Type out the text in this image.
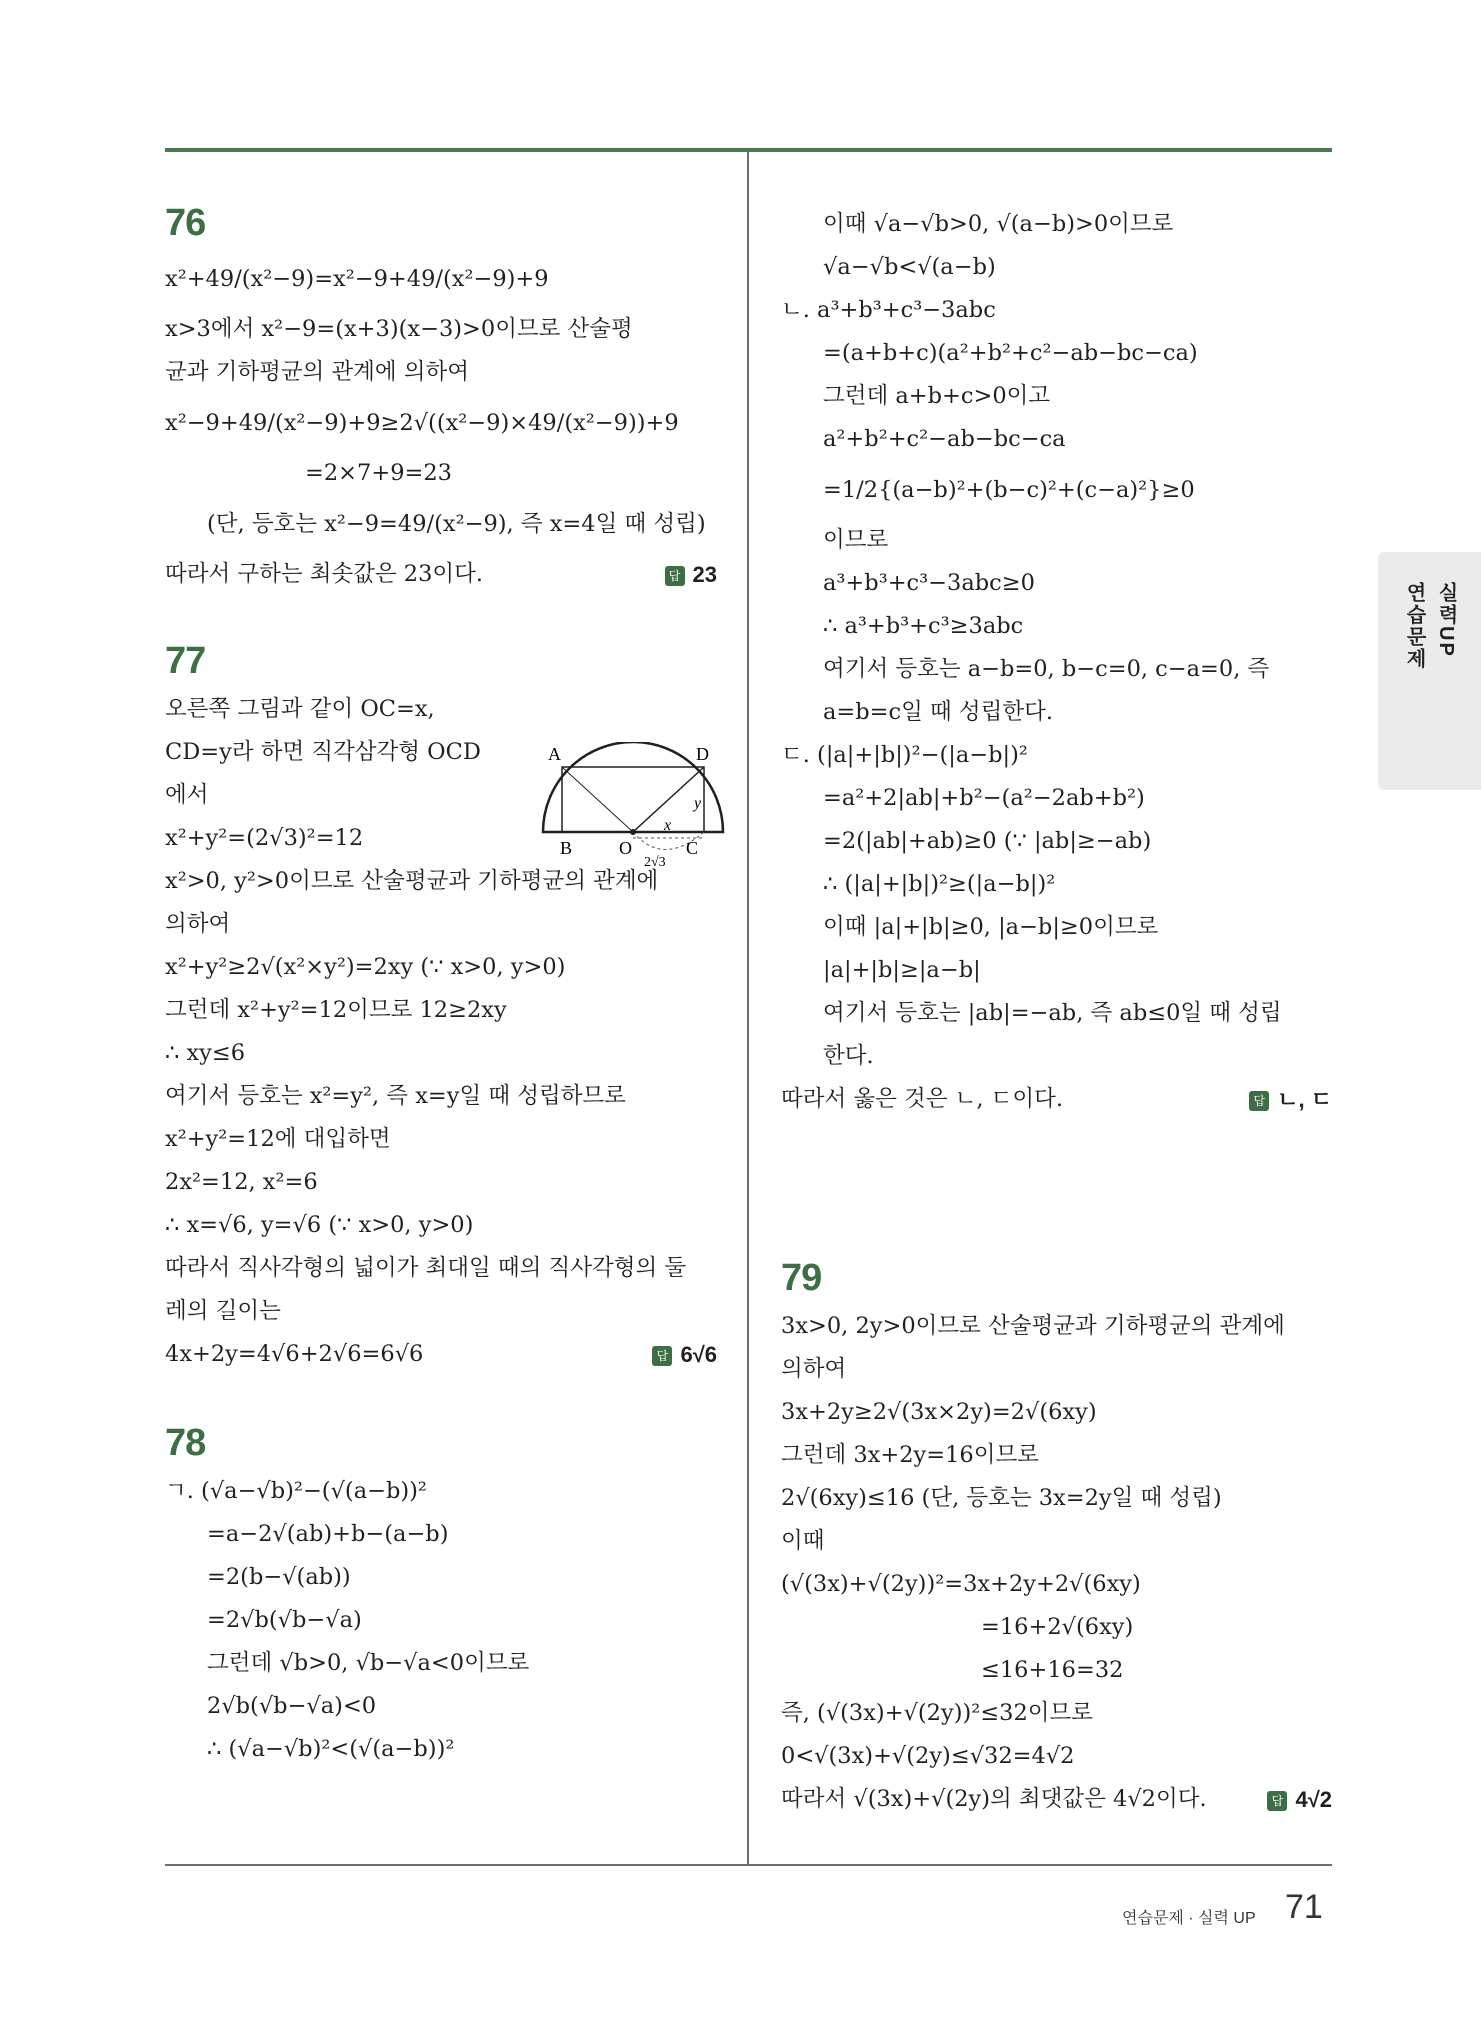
76
x²+49/(x²−9)=x²−9+49/(x²−9)+9
x>3에서 x²−9=(x+3)(x−3)>0이므로 산술평
균과 기하평균의 관계에 의하여
x²−9+49/(x²−9)+9≥2√((x²−9)×49/(x²−9))+9
=2×7+9=23
(단, 등호는 x²−9=49/(x²−9), 즉 x=4일 때 성립)
따라서 구하는 최솟값은 23이다.	답 23
77
오른쪽 그림과 같이 OC=x,
CD=y라 하면 직각삼각형 OCD
에서
x²+y²=(2√3)²=12
x²>0, y²>0이므로 산술평균과 기하평균의 관계에
의하여
x²+y²≥2√(x²×y²)=2xy (∵ x>0, y>0)
그런데 x²+y²=12이므로 12≥2xy
∴ xy≤6
여기서 등호는 x²=y², 즉 x=y일 때 성립하므로
x²+y²=12에 대입하면
2x²=12, x²=6
∴ x=√6, y=√6 (∵ x>0, y>0)
따라서 직사각형의 넓이가 최대일 때의 직사각형의 둘
레의 길이는
4x+2y=4√6+2√6=6√6	답 6√6
78
ㄱ. (√a−√b)²−(√(a−b))²
=a−2√(ab)+b−(a−b)
=2(b−√(ab))
=2√b(√b−√a)
그런데 √b>0, √b−√a<0이므로
2√b(√b−√a)<0
∴ (√a−√b)²<(√(a−b))²
A	D
B	O	C
x
y
2√3
이때 √a−√b>0, √(a−b)>0이므로
√a−√b<√(a−b)
ㄴ. a³+b³+c³−3abc
=(a+b+c)(a²+b²+c²−ab−bc−ca)
그런데 a+b+c>0이고
a²+b²+c²−ab−bc−ca
=1/2{(a−b)²+(b−c)²+(c−a)²}≥0
이므로
a³+b³+c³−3abc≥0
∴ a³+b³+c³≥3abc
여기서 등호는 a−b=0, b−c=0, c−a=0, 즉
a=b=c일 때 성립한다.
ㄷ. (|a|+|b|)²−(|a−b|)²
=a²+2|ab|+b²−(a²−2ab+b²)
=2(|ab|+ab)≥0 (∵ |ab|≥−ab)
∴ (|a|+|b|)²≥(|a−b|)²
이때 |a|+|b|≥0, |a−b|≥0이므로
|a|+|b|≥|a−b|
여기서 등호는 |ab|=−ab, 즉 ab≤0일 때 성립
한다.
따라서 옳은 것은 ㄴ, ㄷ이다.	답 ㄴ, ㄷ
79
3x>0, 2y>0이므로 산술평균과 기하평균의 관계에
의하여
3x+2y≥2√(3x×2y)=2√(6xy)
그런데 3x+2y=16이므로
2√(6xy)≤16 (단, 등호는 3x=2y일 때 성립)
이때
(√(3x)+√(2y))²=3x+2y+2√(6xy)
=16+2√(6xy)
≤16+16=32
즉, (√(3x)+√(2y))²≤32이므로
0<√(3x)+√(2y)≤√32=4√2
따라서 √(3x)+√(2y)의 최댓값은 4√2이다.	답 4√2
실력UP
연습문제
연습문제 · 실력 UP 71
